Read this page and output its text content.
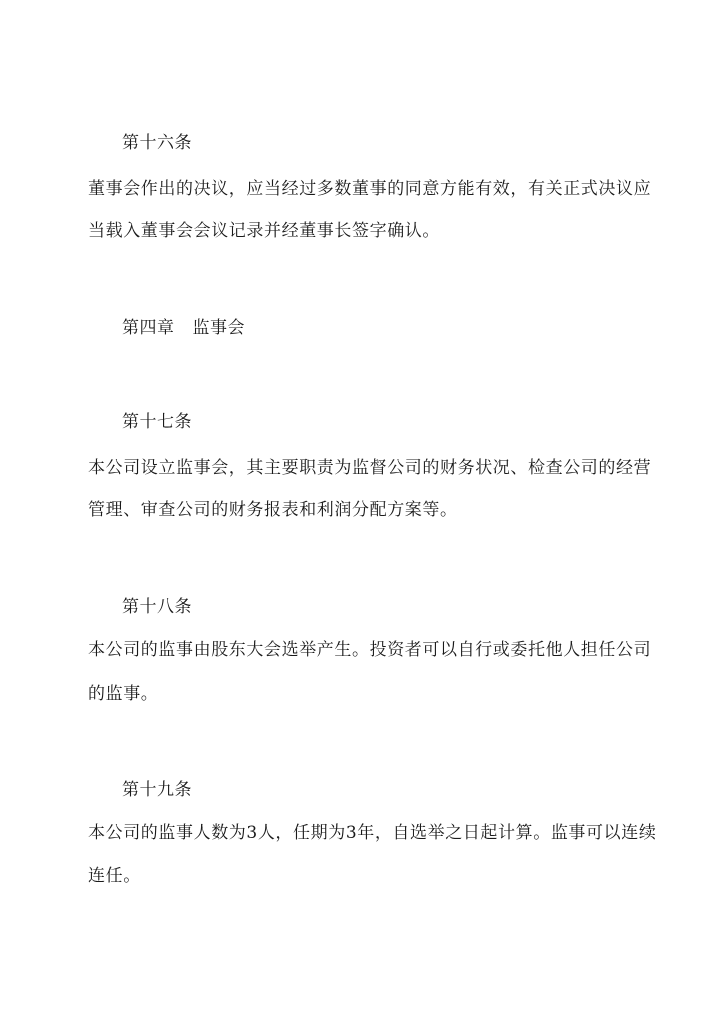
第十六条
董事会作出的决议，应当经过多数董事的同意方能有效，有关正式决议应
当载入董事会会议记录并经董事长签字确认。
第四章 监事会
第十七条
本公司设立监事会，其主要职责为监督公司的财务状况、检查公司的经营
管理、审查公司的财务报表和利润分配方案等。
第十八条
本公司的监事由股东大会选举产生。投资者可以自行或委托他人担任公司
的监事。
第十九条
本公司的监事人数为3人，任期为3年，自选举之日起计算。监事可以连续
连任。
